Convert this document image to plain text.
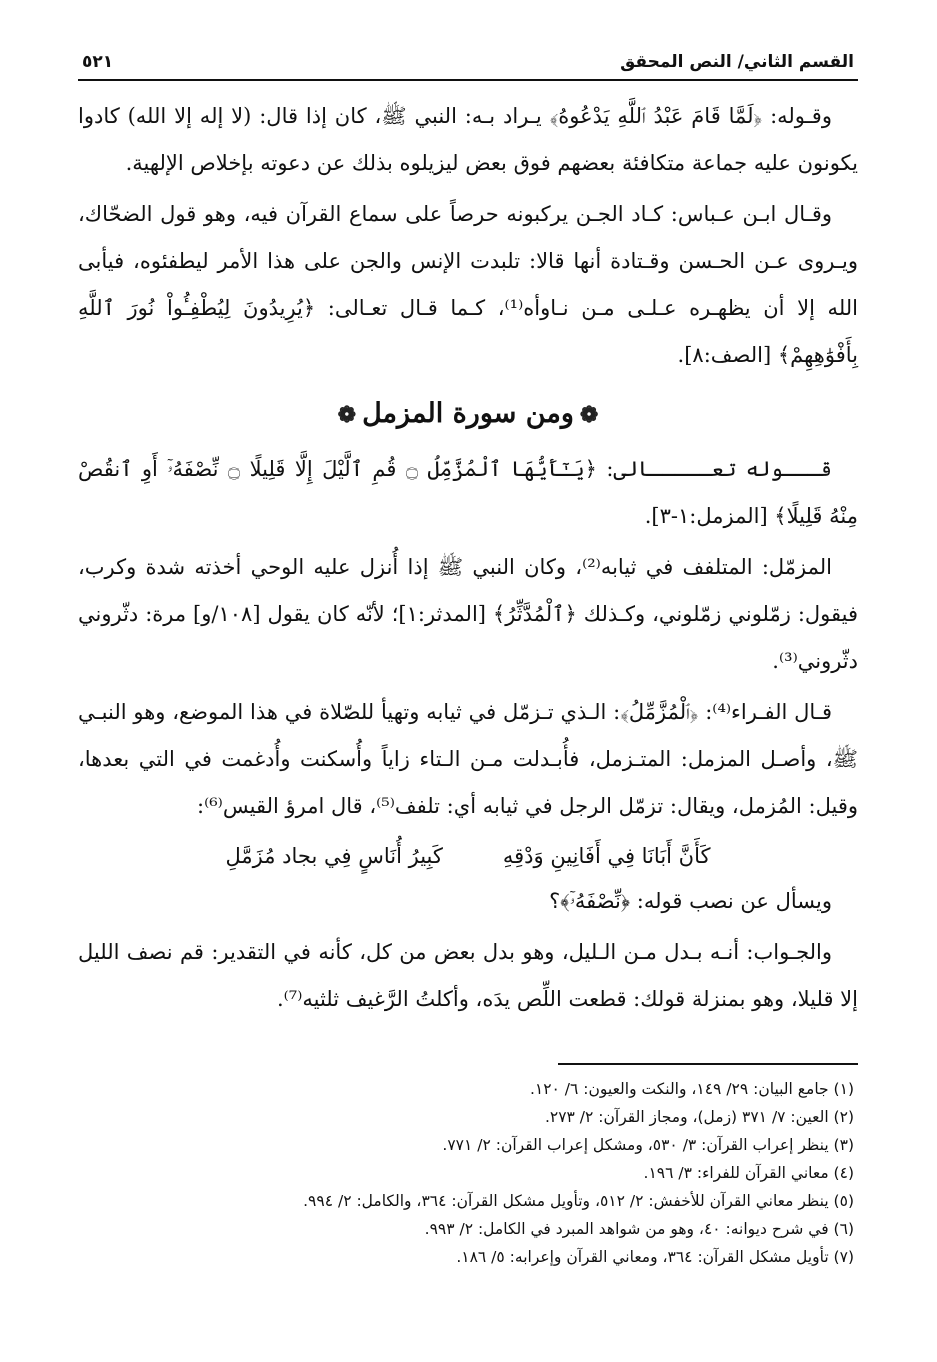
القسم الثاني/ النص المحقق
٥٢١

وقـوله: ﴿لَمَّا قَامَ عَبْدُ ٱللَّهِ يَدْعُوهُ﴾ يـراد بـه: النبي ﷺ، كان إذا قال: (لا إله إلا الله) كادوا يكونون عليه جماعة متكافئة بعضهم فوق بعض ليزيلوه بذلك عن دعوته بإخلاص الإلهية.

وقـال ابـن عـباس: كـاد الجـن يركبونه حرصاً على سماع القرآن فيه، وهو قول الضحّاك، ويـروى عـن الحـسن وقـتادة أنها قالا: تلبدت الإنس والجن على هذا الأمر ليطفئوه، فيأبى الله إلا أن يظهـره عـلـى مـن نـاوأه⁽¹⁾، كـما قـال تعـالى: ﴿يُرِيدُونَ لِيُطْفِـُٔواْ نُورَ ٱللَّهِ بِأَفْوَٰهِهِمْ﴾ [الصف:٨].

❁ومن سورة المزمل❁

قـــوله تعـــــالى: ﴿يَـٰٓأَيُّهَا ٱلْمُزَّمِّلُ ۝ قُمِ ٱلَّيْلَ إِلَّا قَلِيلًا ۝ نِّصْفَهُۥٓ أَوِ ٱنقُصْ مِنْهُ قَلِيلًا﴾ [المزمل:١-٣].

المزمّل: المتلفف في ثيابه⁽²⁾، وكان النبي ﷺ إذا أُنزل عليه الوحي أخذته شدة وكرب، فيقول: زمّلوني زمّلوني، وكـذلك ﴿ٱلْمُدَّثِّرُ﴾ [المدثر:١]؛ لأنّه كان يقول [١٠٨/و] مرة: دثّروني دثّروني⁽³⁾.

قـال الفـراء⁽⁴⁾: ﴿ٱلْمُزَّمِّلُ﴾: الـذي تـزمّل في ثيابه وتهيأ للصّلاة في هذا الموضع، وهو النبـي ﷺ، وأصـل المزمل: المتـزمل، فأُبـدلت مـن الـتاء زاياً وأُسكنت وأُدغمت في التي بعدها، وقيل: المُزمل، ويقال: تزمّل الرجل في ثيابه أي: تلفف⁽⁵⁾، قال امرؤ القيس⁽⁶⁾:

كَأَنَّ أَبَانَا فِي أَفَانِينِ وَدْقِهِ
كَبِيرُ أُنَاسٍ فِي بجاد مُزَمَّلِ

ويسأل عن نصب قوله: ﴿نِّصْفَهُۥٓ﴾؟

والجـواب: أنـه بـدل مـن الـليل، وهو بدل بعض من كل، كأنه في التقدير: قم نصف الليل إلا قليلا، وهو بمنزلة قولك: قطعت اللِّص يدَه، وأكلتُ الرَّغيف ثلثيه⁽⁷⁾.

(١) جامع البيان: ٢٩/ ١٤٩، والنكت والعيون: ٦/ ١٢٠.
(٢) العين: ٧/ ٣٧١ (زمل)، ومجاز القرآن: ٢/ ٢٧٣.
(٣) ينظر إعراب القرآن: ٣/ ٥٣٠، ومشكل إعراب القرآن: ٢/ ٧٧١.
(٤) معاني القرآن للفراء: ٣/ ١٩٦.
(٥) ينظر معاني القرآن للأخفش: ٢/ ٥١٢، وتأويل مشكل القرآن: ٣٦٤، والكامل: ٢/ ٩٩٤.
(٦) في شرح ديوانه: ٤٠، وهو من شواهد المبرد في الكامل: ٢/ ٩٩٣.
(٧) تأويل مشكل القرآن: ٣٦٤، ومعاني القرآن وإعرابه: ٥/ ١٨٦.
